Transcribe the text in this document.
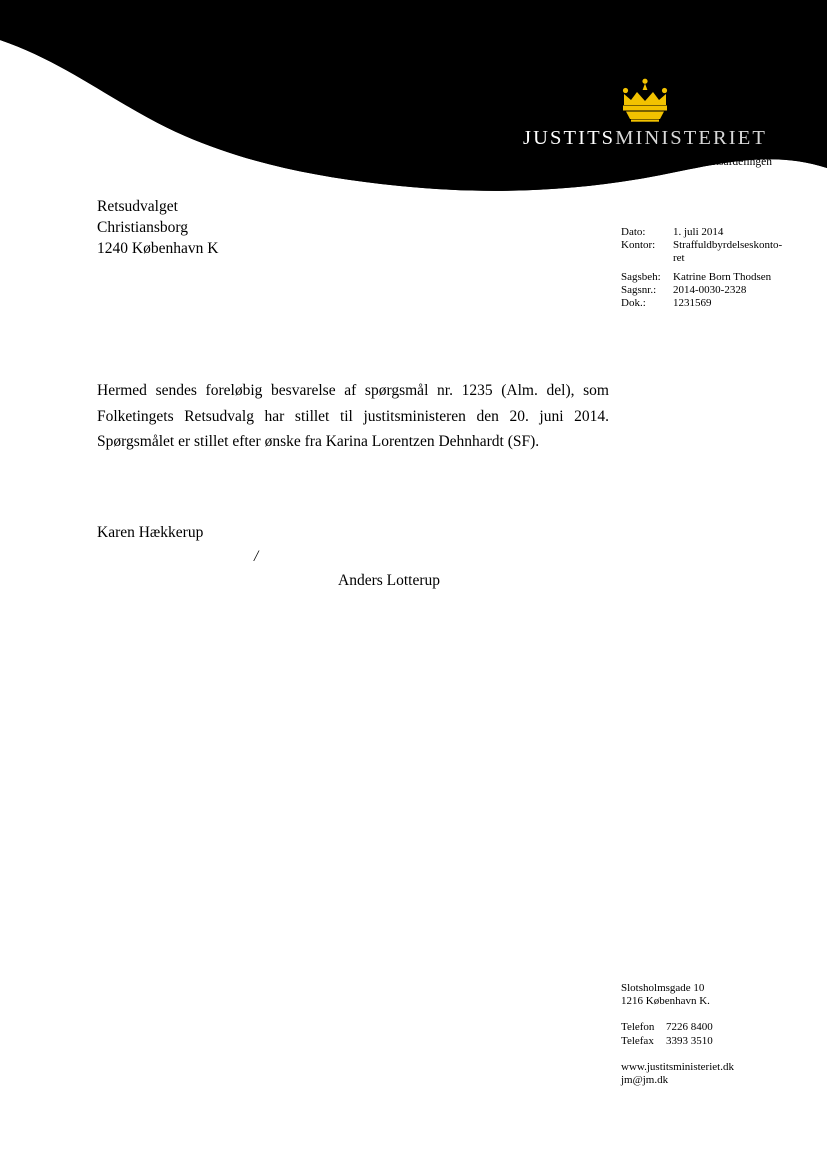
JUSTITSMINISTERIET
Politi- og Strafferetsafdelingen
Retsudvalget
Christiansborg
1240 København K
Dato:	1. juli 2014
Kontor:	Straffuldbyrdelseskonto-
ret
Sagsbeh:	Katrine Born Thodsen
Sagsnr.:	2014-0030-2328
Dok.:	1231569
Hermed sendes foreløbig besvarelse af spørgsmål nr. 1235 (Alm. del), som Folketingets Retsudvalg har stillet til justitsministeren den 20. juni 2014. Spørgsmålet er stillet efter ønske fra Karina Lorentzen Dehnhardt (SF).
Karen Hækkerup
/
Anders Lotterup
Slotsholmsgade 10
1216 København K.
Telefon	7226 8400
Telefax	3393 3510
www.justitsministeriet.dk
jm@jm.dk
